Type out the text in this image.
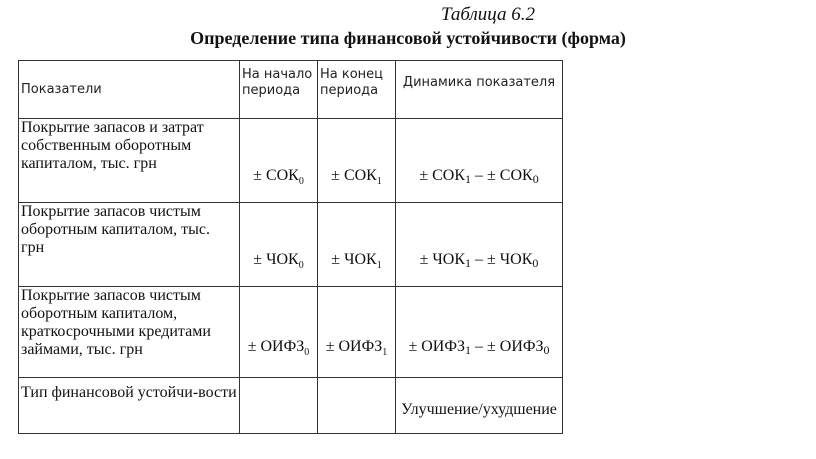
Таблица 6.2
Определение типа финансовой устойчивости (форма)
Показатели	На начало периода	На конец периода	Динамика показателя
Покрытие запасов и затрат собственным оборотным капиталом, тыс. грн	± $СОК_0$	± $СОК_1$	± СОК1 – ± СОК0
Покрытие запасов чистым оборотным капиталом, тыс. грн	± $ЧОК_0$	± $ЧОК_1$	± ЧОК1 – ± ЧОК0
Покрытие запасов чистым оборотным капиталом, краткосрочными кредитами займами, тыс. грн	± $ОИФЗ_0$	± $ОИФЗ_1$	± ОИФЗ1 – ± ОИФЗ0
Тип финансовой устойчи-вости			Улучшение/ухудшение
